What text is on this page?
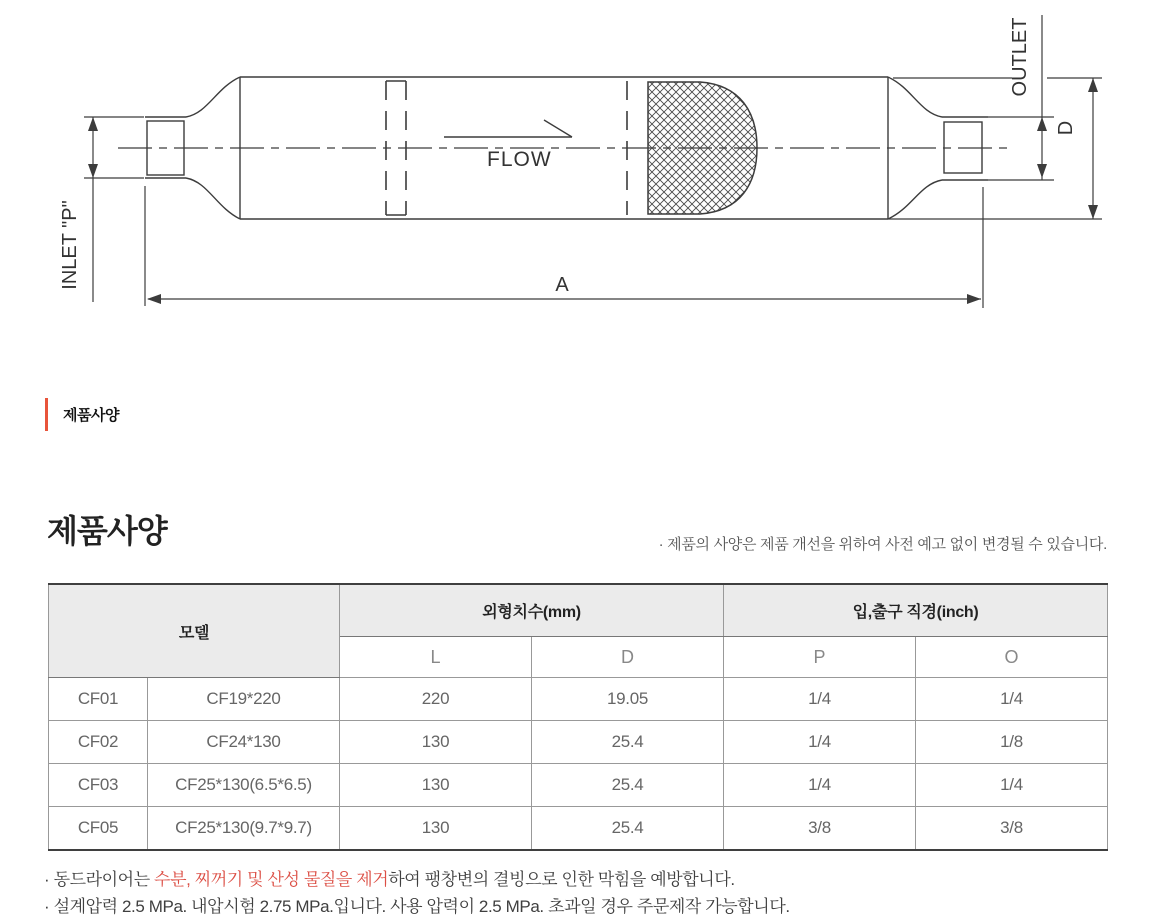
FLOW
INLET "P"
OUTLET
D
A
제품사양
제품사양	· 제품의 사양은 제품 개선을 위하여 사전 예고 없이 변경될 수 있습니다.
모델		외형치수(mm)		입,출구 직경(inch)	
		L	D	P	O
CF01	CF19*220	220	19.05	1/4	1/4
CF02	CF24*130	130	25.4	1/4	1/8
CF03	CF25*130(6.5*6.5)	130	25.4	1/4	1/4
CF05	CF25*130(9.7*9.7)	130	25.4	3/8	3/8
· 동드라이어는 수분, 찌꺼기 및 산성 물질을 제거하여 팽창변의 결빙으로 인한 막힘을 예방합니다.
· 설계압력 2.5 MPa. 내압시험 2.75 MPa.입니다. 사용 압력이 2.5 MPa. 초과일 경우 주문제작 가능합니다.
